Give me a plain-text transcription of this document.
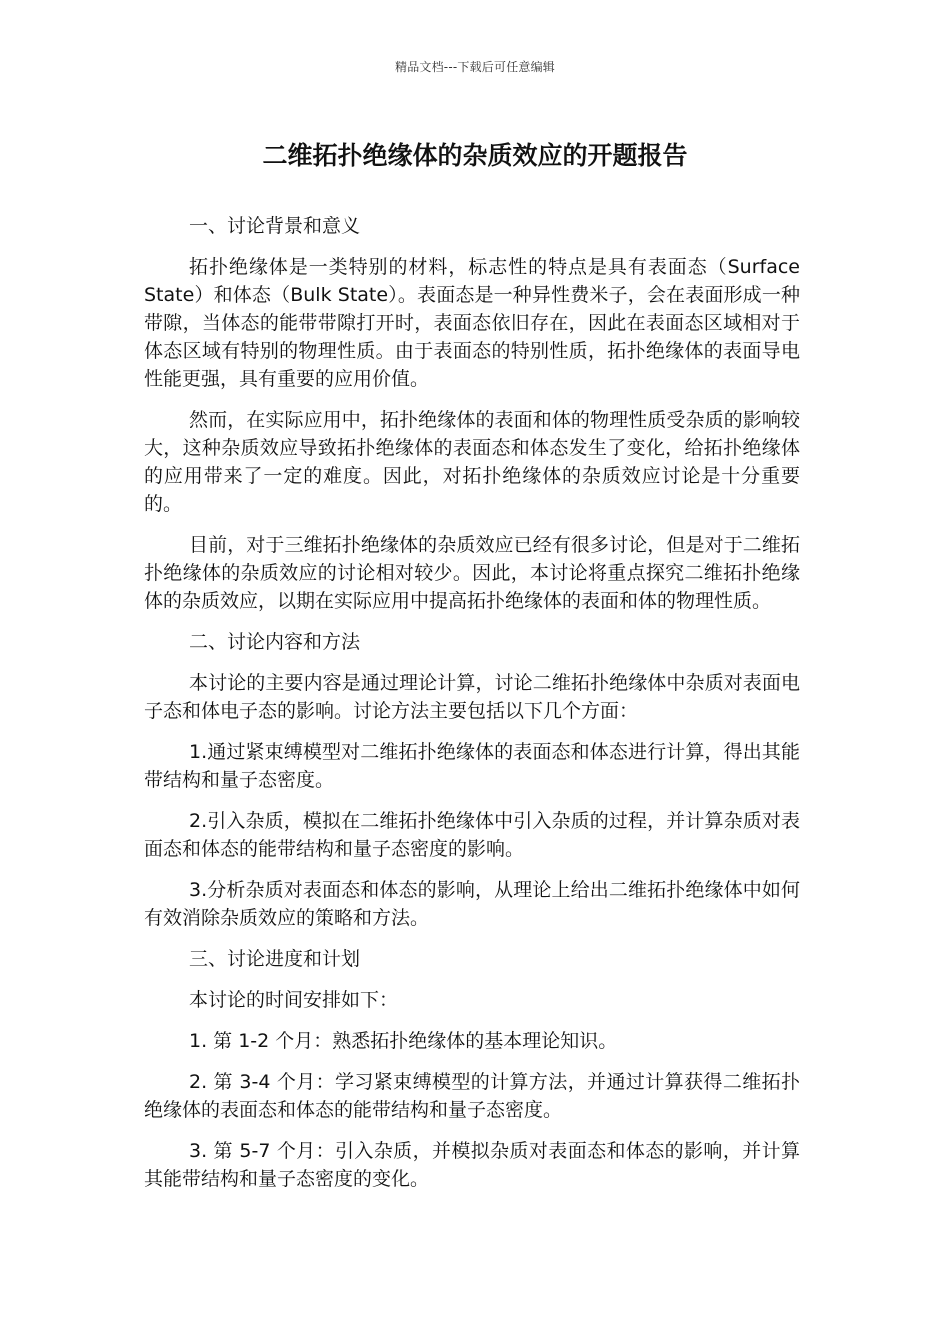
精品文档---下载后可任意编辑
二维拓扑绝缘体的杂质效应的开题报告

一、讨论背景和意义

拓扑绝缘体是一类特别的材料，标志性的特点是具有表面态（Surface State）和体态（Bulk State）。表面态是一种异性费米子，会在表面形成一种带隙，当体态的能带带隙打开时，表面态依旧存在，因此在表面态区域相对于体态区域有特别的物理性质。由于表面态的特别性质，拓扑绝缘体的表面导电性能更强，具有重要的应用价值。

然而，在实际应用中，拓扑绝缘体的表面和体的物理性质受杂质的影响较大，这种杂质效应导致拓扑绝缘体的表面态和体态发生了变化，给拓扑绝缘体的应用带来了一定的难度。因此，对拓扑绝缘体的杂质效应讨论是十分重要的。

目前，对于三维拓扑绝缘体的杂质效应已经有很多讨论，但是对于二维拓扑绝缘体的杂质效应的讨论相对较少。因此，本讨论将重点探究二维拓扑绝缘体的杂质效应，以期在实际应用中提高拓扑绝缘体的表面和体的物理性质。

二、讨论内容和方法

本讨论的主要内容是通过理论计算，讨论二维拓扑绝缘体中杂质对表面电子态和体电子态的影响。讨论方法主要包括以下几个方面：

1.通过紧束缚模型对二维拓扑绝缘体的表面态和体态进行计算，得出其能带结构和量子态密度。

2.引入杂质，模拟在二维拓扑绝缘体中引入杂质的过程，并计算杂质对表面态和体态的能带结构和量子态密度的影响。

3.分析杂质对表面态和体态的影响，从理论上给出二维拓扑绝缘体中如何有效消除杂质效应的策略和方法。

三、讨论进度和计划

本讨论的时间安排如下：

1. 第 1-2 个月：熟悉拓扑绝缘体的基本理论知识。

2. 第 3-4 个月：学习紧束缚模型的计算方法，并通过计算获得二维拓扑绝缘体的表面态和体态的能带结构和量子态密度。

3. 第 5-7 个月：引入杂质，并模拟杂质对表面态和体态的影响，并计算其能带结构和量子态密度的变化。
